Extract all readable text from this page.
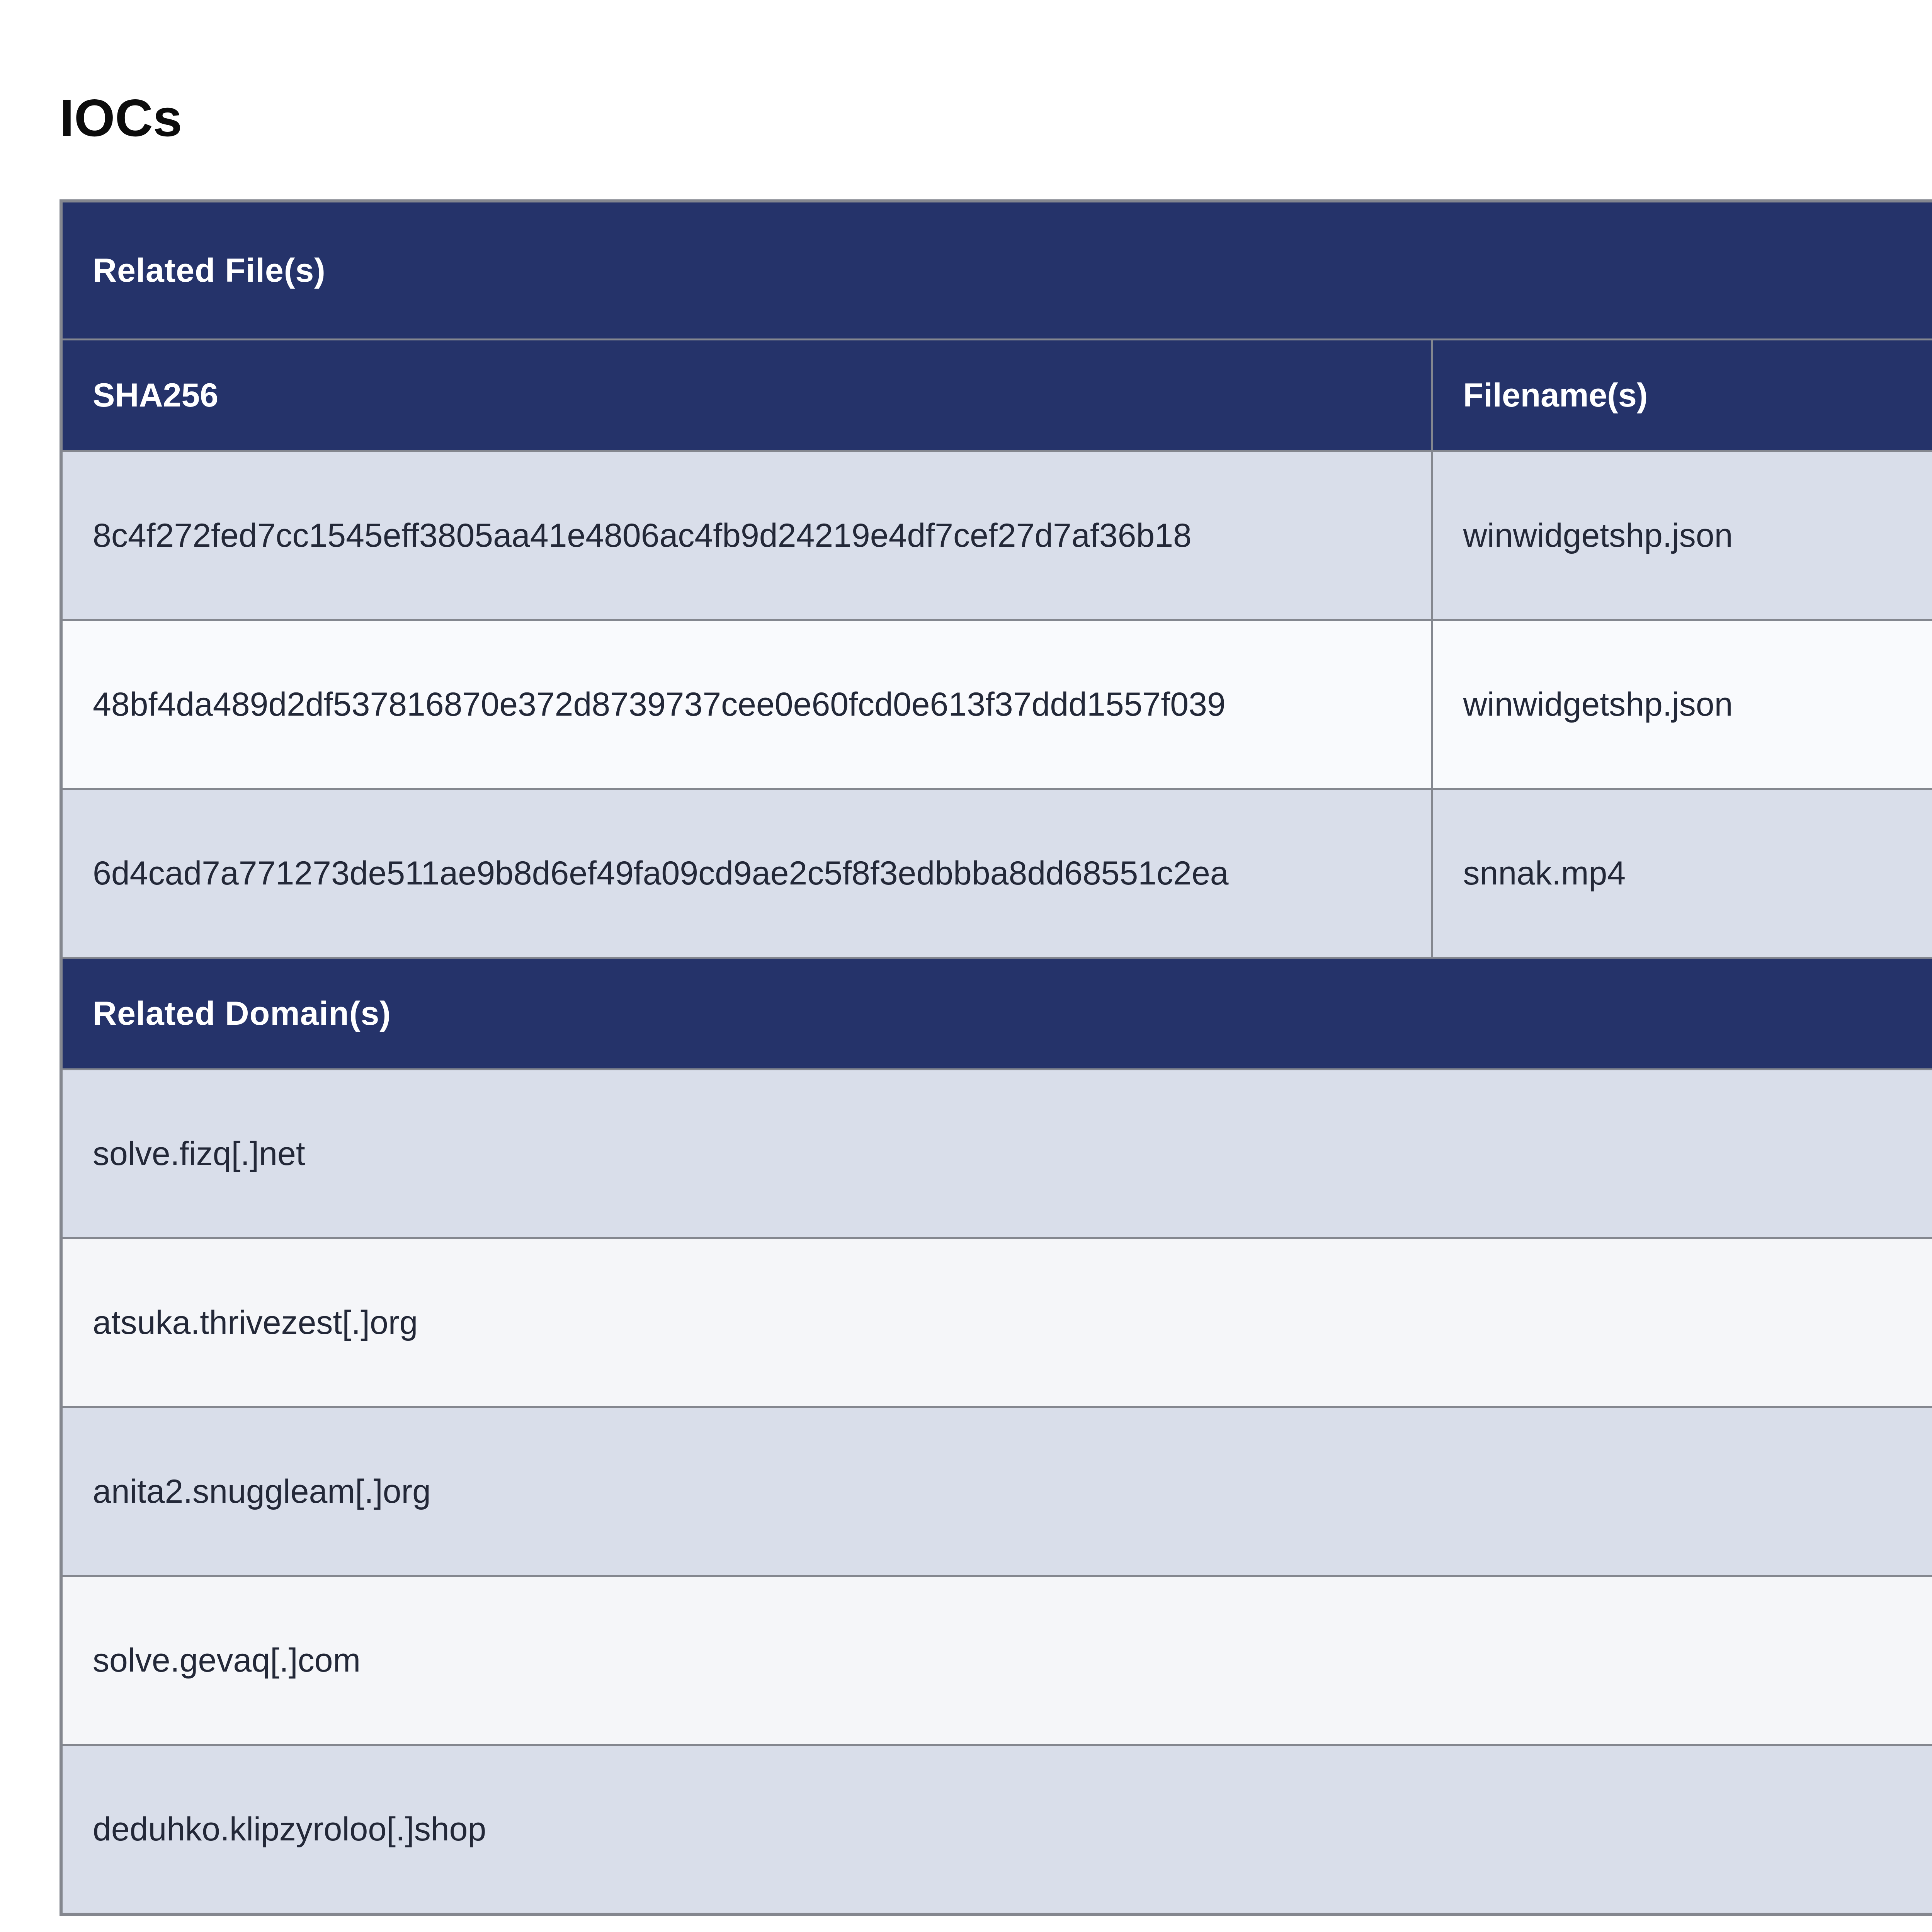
IOCs
Related File(s)	
SHA256	Filename(s)
8c4f272fed7cc1545eff3805aa41e4806ac4fb9d24219e4df7cef27d7af36b18	winwidgetshp.json
48bf4da489d2df537816870e372d8739737cee0e60fcd0e613f37ddd1557f039	winwidgetshp.json
6d4cad7a771273de511ae9b8d6ef49fa09cd9ae2c5f8f3edbbba8dd68551c2ea	snnak.mp4
Related Domain(s)	
solve.fizq[.]net	
atsuka.thrivezest[.]org	
anita2.snuggleam[.]org	
solve.gevaq[.]com	
deduhko.klipzyroloo[.]shop	
